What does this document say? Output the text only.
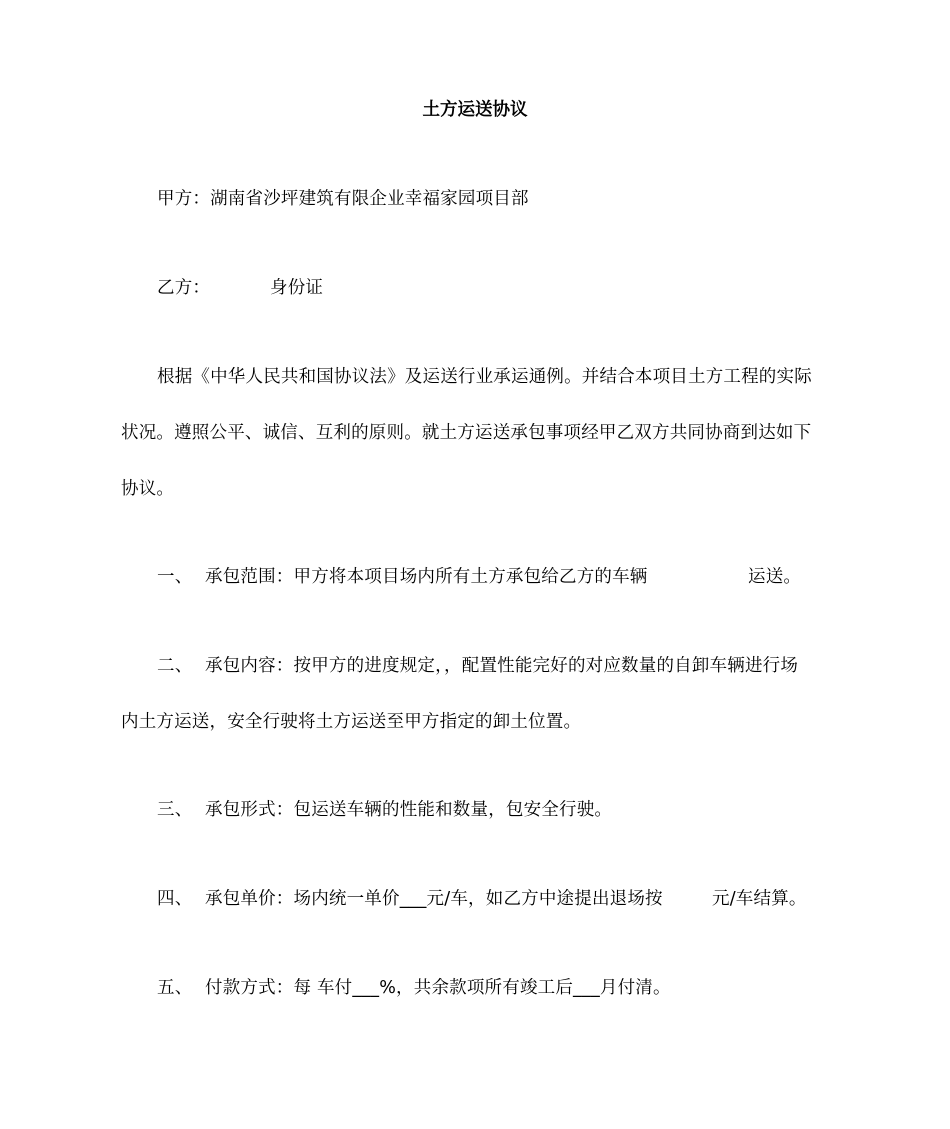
土方运送协议
甲方：湖南省沙坪建筑有限企业幸福家园项目部
乙方：	身份证
根据《中华人民共和国协议法》及运送行业承运通例。并结合本项目土方工程的实际
状况。遵照公平、诚信、互利的原则。就土方运送承包事项经甲乙双方共同协商到达如下
协议。
一、 承包范围：甲方将本项目场内所有土方承包给乙方的车辆	运送。
二、 承包内容：按甲方的进度规定，，配置性能完好的对应数量的自卸车辆进行场
内土方运送，安全行驶将土方运送至甲方指定的卸土位置。
三、 承包形式：包运送车辆的性能和数量，包安全行驶。
四、 承包单价：场内统一单价___元/车，如乙方中途提出退场按	元/车结算。
五、 付款方式：每 车付___%，共余款项所有竣工后___月付清。
